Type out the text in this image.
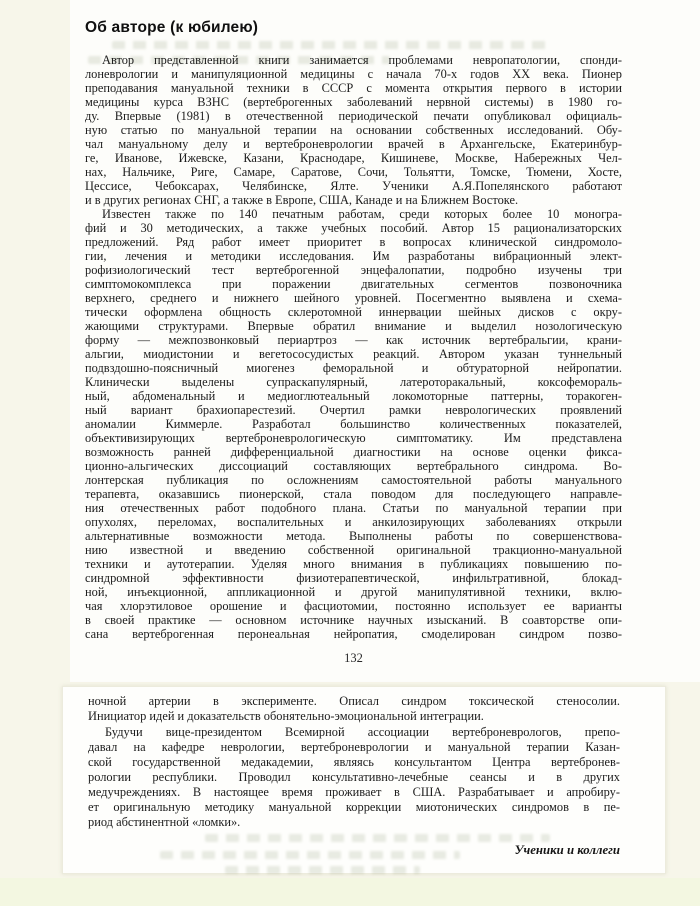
Об авторе (к юбилею)
Автор представленной книги занимается проблемами невропатологии, спонди-
лоневрологии и манипуляционной медицины с начала 70-х годов XX века. Пионер
преподавания мануальной техники в СССР с момента открытия первого в истории
медицины курса ВЗНС (вертеброгенных заболеваний нервной системы) в 1980 го-
ду. Впервые (1981) в отечественной периодической печати опубликовал официаль-
ную статью по мануальной терапии на основании собственных исследований. Обу-
чал мануальному делу и вертеброневрологии врачей в Архангельске, Екатеринбур-
ге, Иванове, Ижевске, Казани, Краснодаре, Кишиневе, Москве, Набережных Чел-
нах, Нальчике, Риге, Самаре, Саратове, Сочи, Тольятти, Томске, Тюмени, Хосте,
Цессисе, Чебоксарах, Челябинске, Ялте. Ученики А.Я.Попелянского работают
и в других регионах СНГ, а также в Европе, США, Канаде и на Ближнем Востоке.
Известен также по 140 печатным работам, среди которых более 10 моногра-
фий и 30 методических, а также учебных пособий. Автор 15 рационализаторских
предложений. Ряд работ имеет приоритет в вопросах клинической синдромоло-
гии, лечения и методики исследования. Им разработаны вибрационный элект-
рофизиологический тест вертеброгенной энцефалопатии, подробно изучены три
симптомокомплекса при поражении двигательных сегментов позвоночника
верхнего, среднего и нижнего шейного уровней. Посегментно выявлена и схема-
тически оформлена общность склеротомной иннервации шейных дисков с окру-
жающими структурами. Впервые обратил внимание и выделил нозологическую
форму — межпозвонковый периартроз — как источник вертебральгии, крани-
альгии, миодистонии и вегетососудистых реакций. Автором указан туннельный
подвздошно-поясничный миогенез феморальной и обтураторной нейропатии.
Клинически выделены супраскапулярный, латероторакальный, коксофемораль-
ный, абдоменальный и медиоглютеальный локомоторные паттерны, торакоген-
ный вариант брахиопарестезий. Очертил рамки неврологических проявлений
аномалии Киммерле. Разработал большинство количественных показателей,
объективизирующих вертеброневрологическую симптоматику. Им представлена
возможность ранней дифференциальной диагностики на основе оценки фикса-
ционно-альгических диссоциаций составляющих вертебрального синдрома. Во-
лонтерская публикация по осложнениям самостоятельной работы мануального
терапевта, оказавшись пионерской, стала поводом для последующего направле-
ния отечественных работ подобного плана. Статьи по мануальной терапии при
опухолях, переломах, воспалительных и анкилозирующих заболеваниях открыли
альтернативные возможности метода. Выполнены работы по совершенствова-
нию известной и введению собственной оригинальной тракционно-мануальной
техники и аутотерапии. Уделяя много внимания в публикациях повышению по-
синдромной эффективности физиотерапевтической, инфильтративной, блокад-
ной, инъекционной, аппликационной и другой манипулятивной техники, вклю-
чая хлорэтиловое орошение и фасциотомии, постоянно использует ее варианты
в своей практике — основном источнике научных изысканий. В соавторстве опи-
сана вертеброгенная перонеальная нейропатия, смоделирован синдром позво-
132
ночной артерии в эксперименте. Описал синдром токсической стеносолии.
Инициатор идей и доказательств обонятельно-эмоциональной интеграции.
Будучи вице-президентом Всемирной ассоциации вертеброневрологов, препо-
давал на кафедре неврологии, вертеброневрологии и мануальной терапии Казан-
ской государственной медакадемии, являясь консультантом Центра вертебронев-
рологии республики. Проводил консультативно-лечебные сеансы и в других
медучреждениях. В настоящее время проживает в США. Разрабатывает и апробиру-
ет оригинальную методику мануальной коррекции миотонических синдромов в пе-
риод абстинентной «ломки».
Ученики и коллеги
